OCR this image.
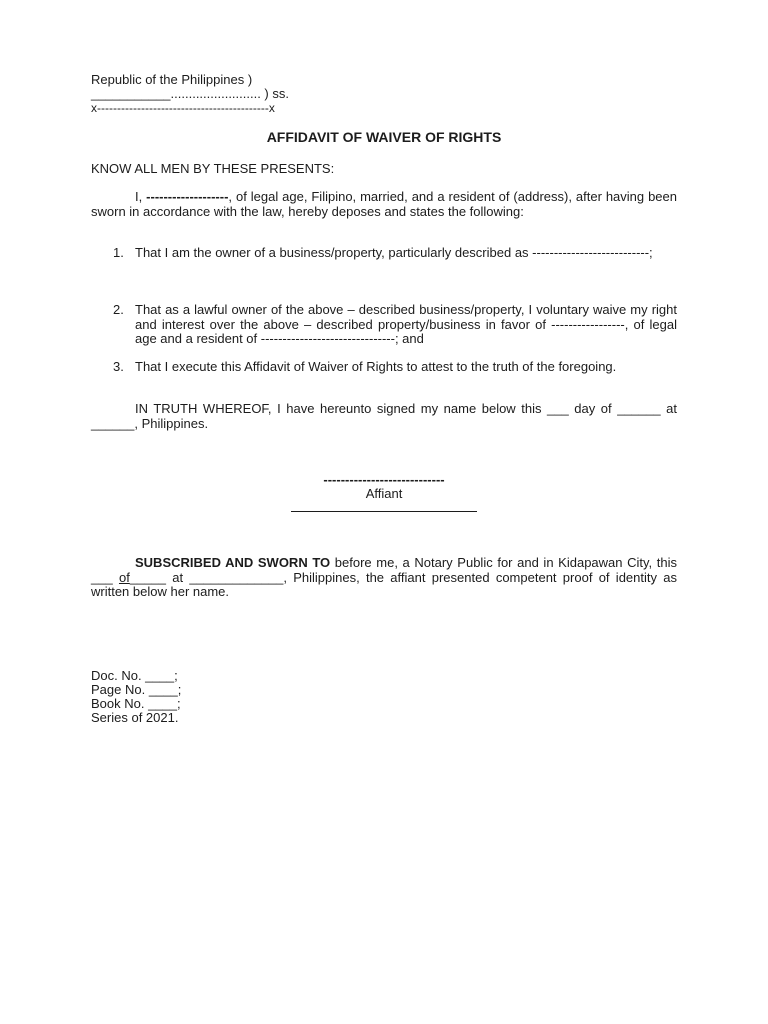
Republic of the Philippines )
___________......................... ) ss.
x-------------------------------------------x
AFFIDAVIT OF WAIVER OF RIGHTS
KNOW ALL MEN BY THESE PRESENTS:
I, -------------------, of legal age, Filipino, married, and a resident of (address), after having been sworn in accordance with the law, hereby deposes and states the following:
1. That I am the owner of a business/property, particularly described as ---------------------------;
2. That as a lawful owner of the above – described business/property, I voluntary waive my right and interest over the above – described property/business in favor of -----------------, of legal age and a resident of -------------------------------; and
3. That I execute this Affidavit of Waiver of Rights to attest to the truth of the foregoing.
IN TRUTH WHEREOF, I have hereunto signed my name below this ___ day of ______ at ______, Philippines.
----------------------------
Affiant
SUBSCRIBED AND SWORN TO before me, a Notary Public for and in Kidapawan City, this ___ of_____ at _____________, Philippines, the affiant presented competent proof of identity as written below her name.
Doc. No. ____;
Page No. ____;
Book No. ____;
Series of 2021.
